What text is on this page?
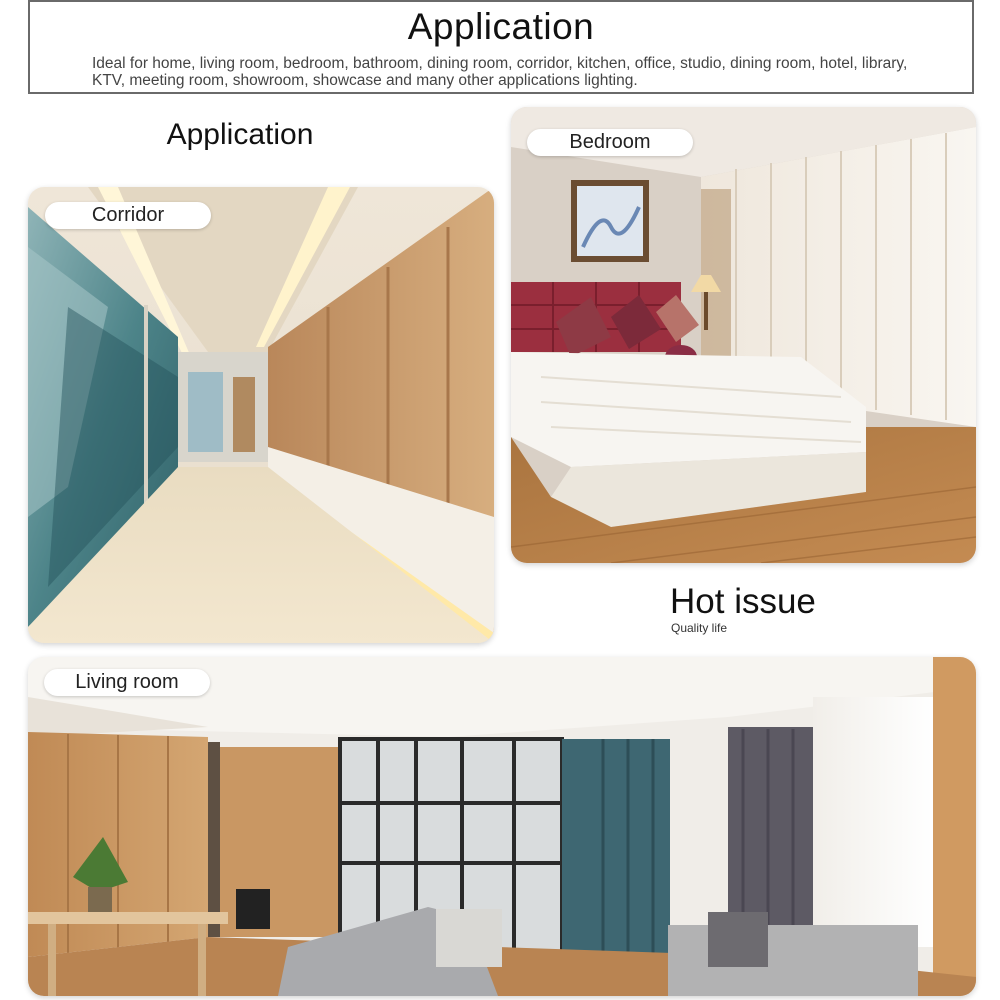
Application
Ideal for home, living room, bedroom, bathroom, dining room, corridor, kitchen, office, studio, dining room, hotel, library, KTV, meeting room, showroom, showcase and many other applications lighting.
Application
Corridor
Bedroom
Hot issue
Quality life
Living room
